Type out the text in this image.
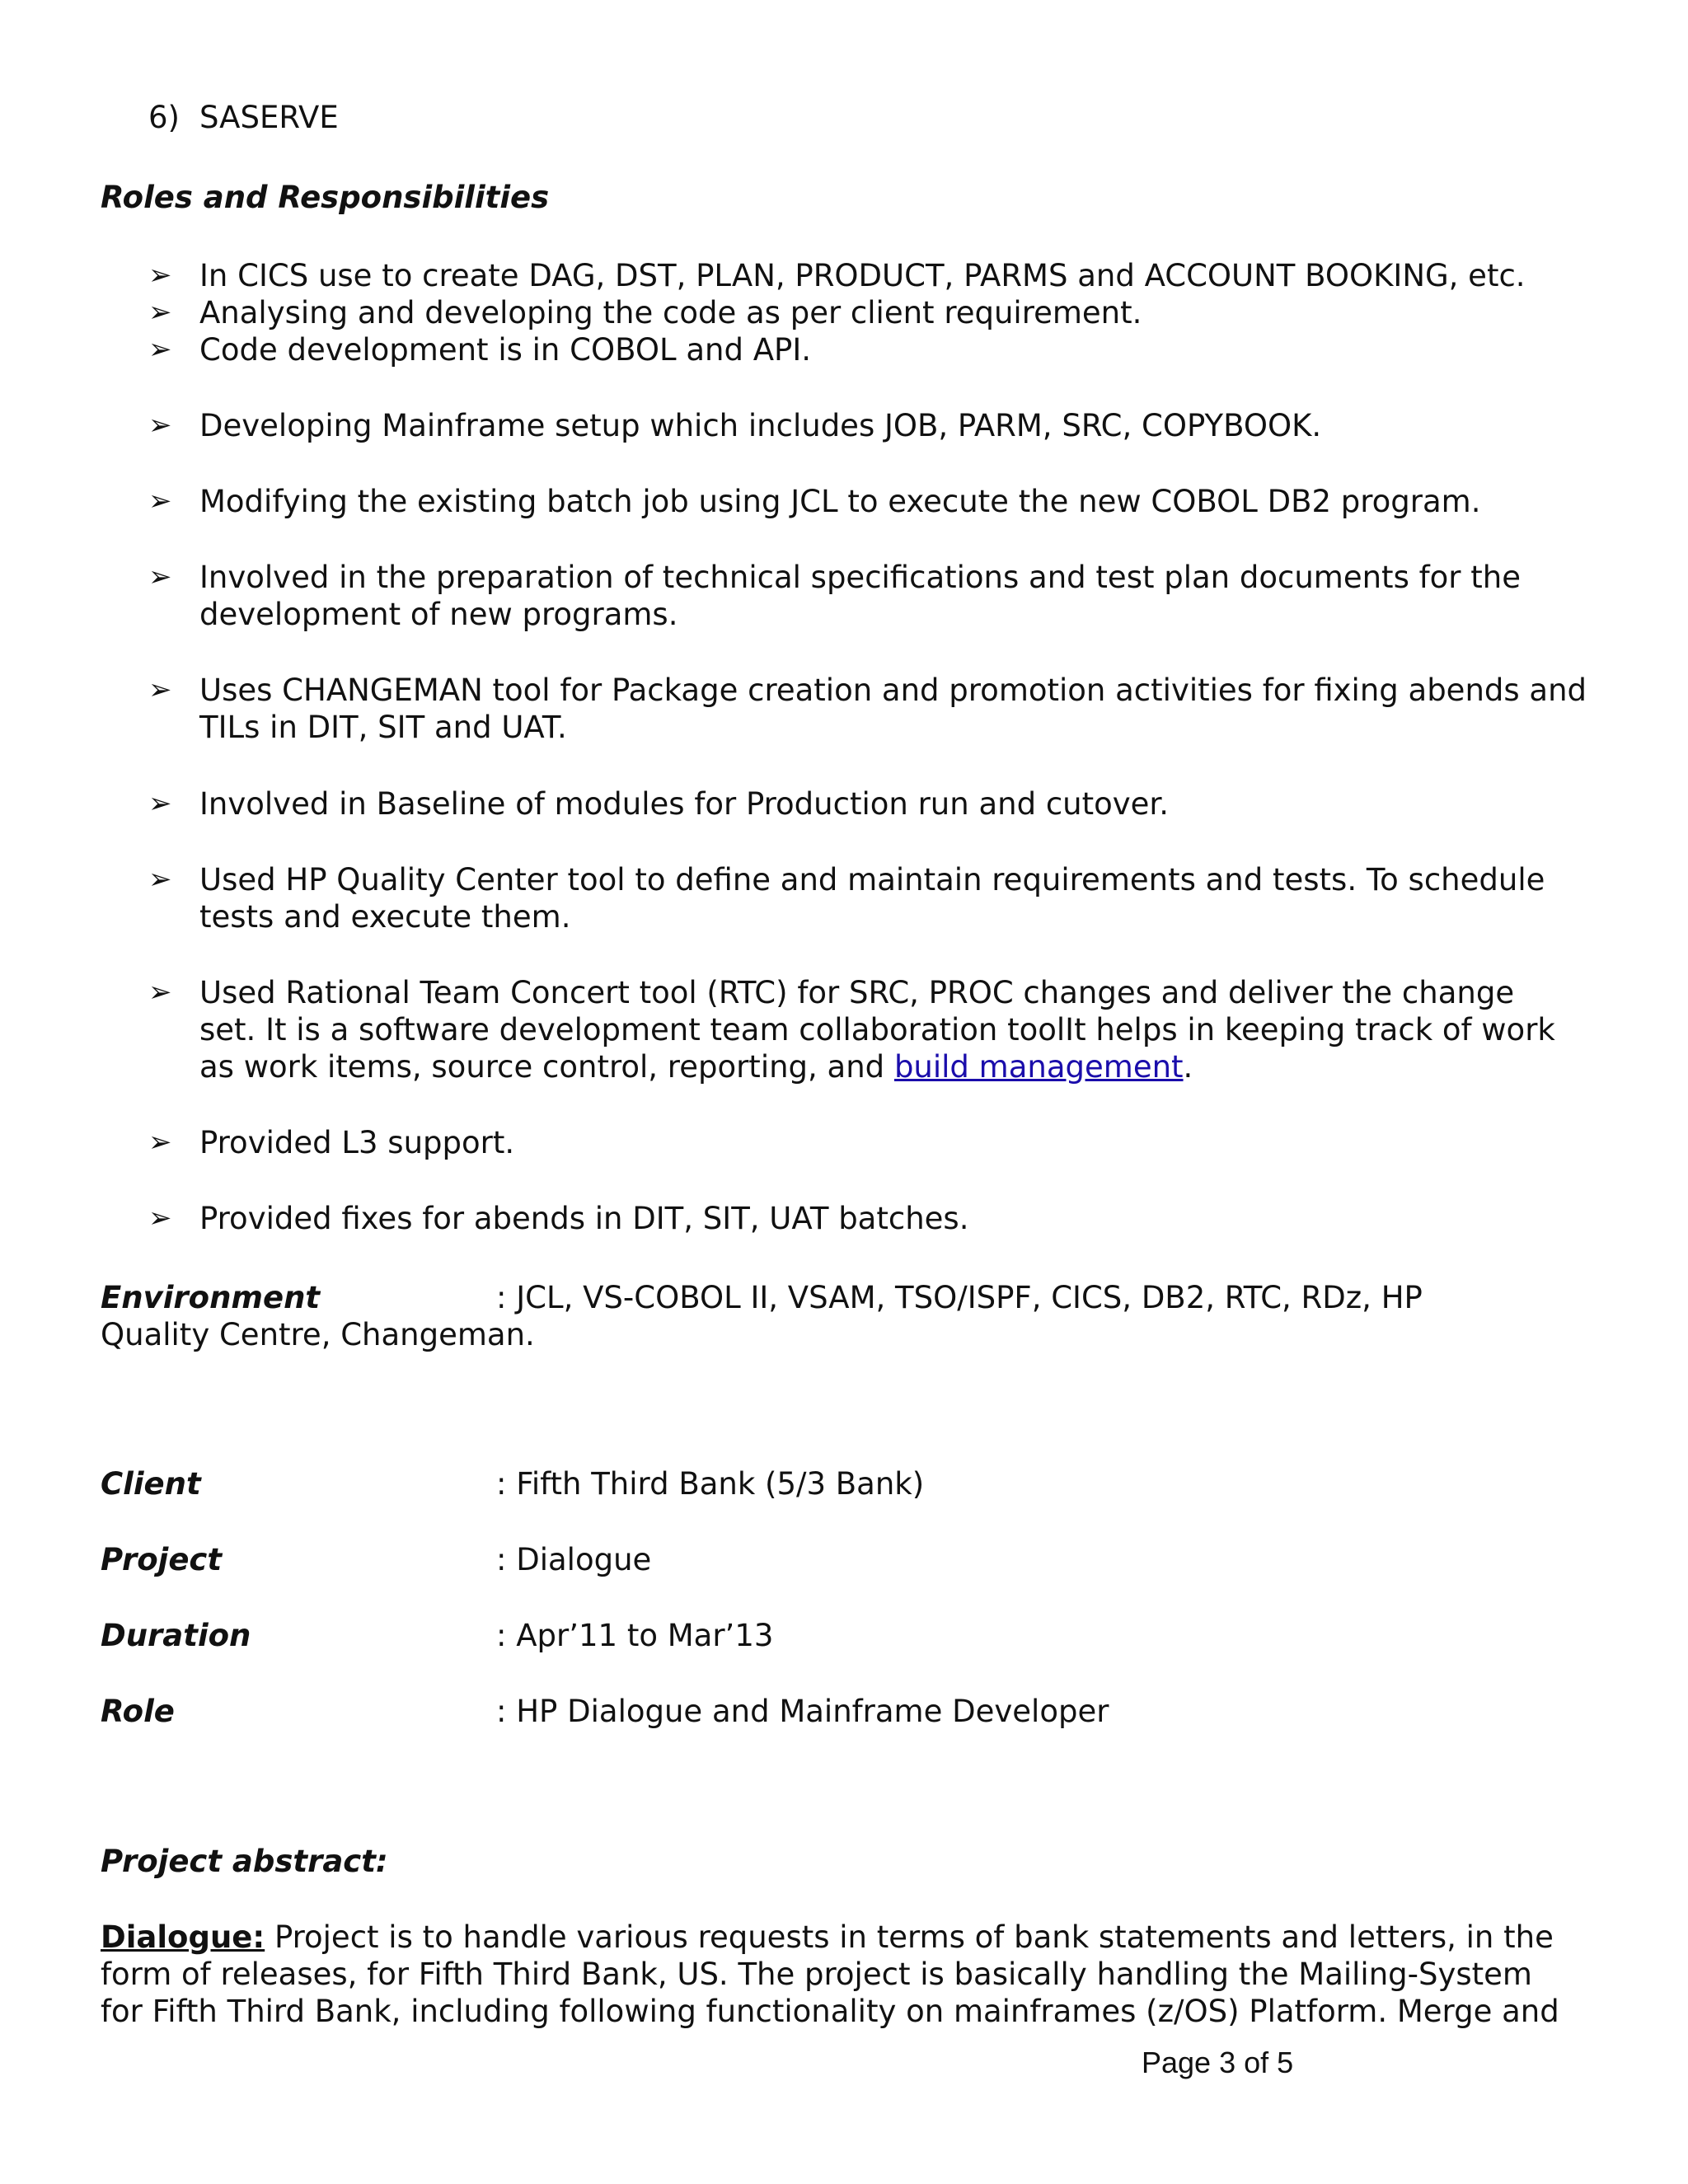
6) SASERVE
Roles and Responsibilities
➢ In CICS use to create DAG, DST, PLAN, PRODUCT, PARMS and ACCOUNT BOOKING, etc.
➢ Analysing and developing the code as per client requirement.
➢ Code development is in COBOL and API.
➢ Developing Mainframe setup which includes JOB, PARM, SRC, COPYBOOK.
➢ Modifying the existing batch job using JCL to execute the new COBOL DB2 program.
➢ Involved in the preparation of technical specifications and test plan documents for the
development of new programs.
➢ Uses CHANGEMAN tool for Package creation and promotion activities for fixing abends and
TILs in DIT, SIT and UAT.
➢ Involved in Baseline of modules for Production run and cutover.
➢ Used HP Quality Center tool to define and maintain requirements and tests. To schedule
tests and execute them.
➢ Used Rational Team Concert tool (RTC) for SRC, PROC changes and deliver the change
set. It is a software development team collaboration toolIt helps in keeping track of work
as work items, source control, reporting, and build management.
➢ Provided L3 support.
➢ Provided fixes for abends in DIT, SIT, UAT batches.
Environment	: JCL, VS-COBOL II, VSAM, TSO/ISPF, CICS, DB2, RTC, RDz, HP
Quality Centre, Changeman.
Client	: Fifth Third Bank (5/3 Bank)
Project	: Dialogue
Duration	: Apr’11 to Mar’13
Role	: HP Dialogue and Mainframe Developer
Project abstract:
Dialogue: Project is to handle various requests in terms of bank statements and letters, in the
form of releases, for Fifth Third Bank, US. The project is basically handling the Mailing-System
for Fifth Third Bank, including following functionality on mainframes (z/OS) Platform. Merge and
Page 3 of 5
